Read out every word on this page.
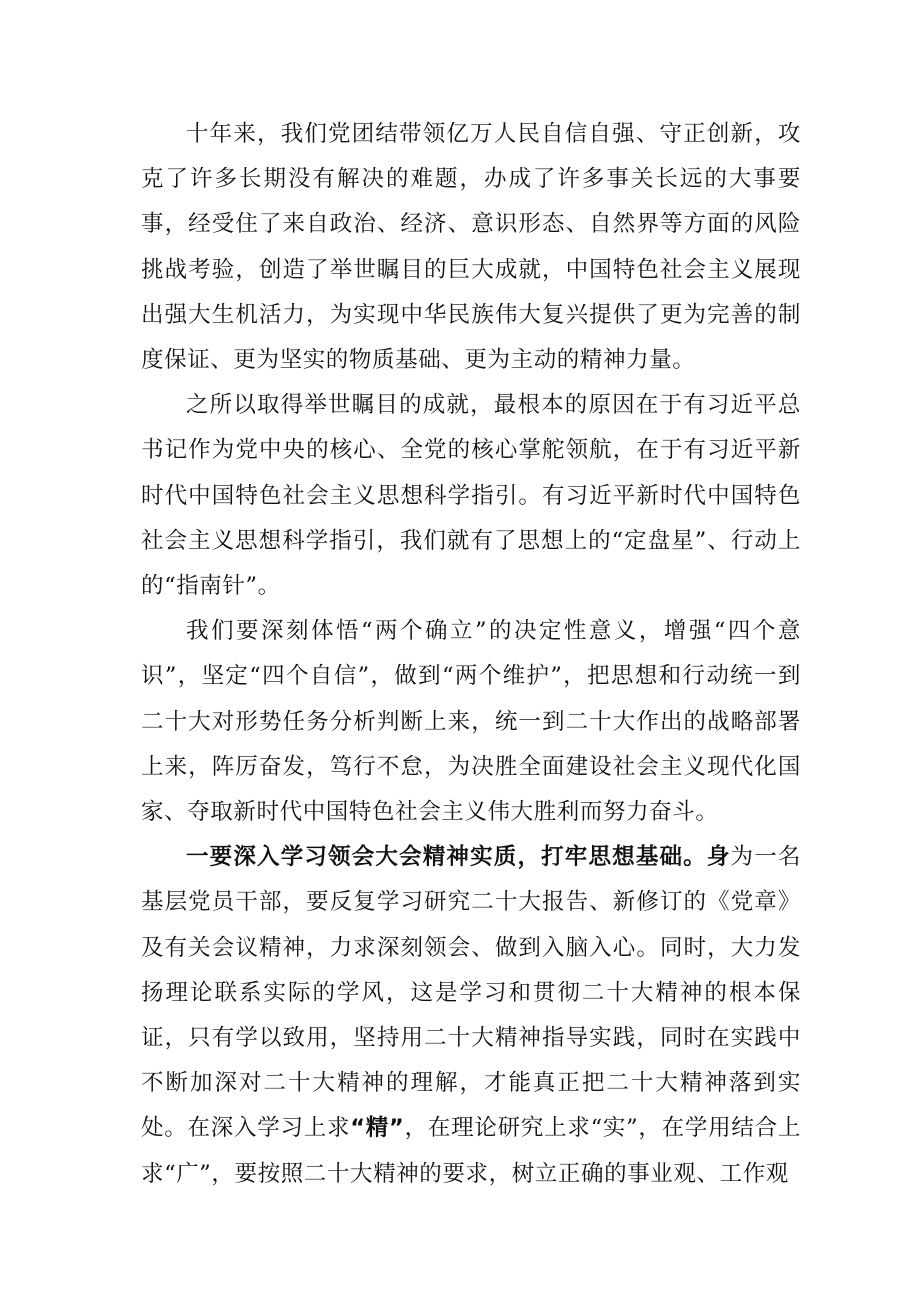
十年来，我们党团结带领亿万人民自信自强、守正创新，攻克了许多长期没有解决的难题，办成了许多事关长远的大事要事，经受住了来自政治、经济、意识形态、自然界等方面的风险挑战考验，创造了举世瞩目的巨大成就，中国特色社会主义展现出强大生机活力，为实现中华民族伟大复兴提供了更为完善的制度保证、更为坚实的物质基础、更为主动的精神力量。

之所以取得举世瞩目的成就，最根本的原因在于有习近平总书记作为党中央的核心、全党的核心掌舵领航，在于有习近平新时代中国特色社会主义思想科学指引。有习近平新时代中国特色社会主义思想科学指引，我们就有了思想上的“定盘星”、行动上的“指南针”。

我们要深刻体悟“两个确立”的决定性意义，增强“四个意识”，坚定“四个自信”，做到“两个维护”，把思想和行动统一到二十大对形势任务分析判断上来，统一到二十大作出的战略部署上来，阵厉奋发，笃行不怠，为决胜全面建设社会主义现代化国家、夺取新时代中国特色社会主义伟大胜利而努力奋斗。

一要深入学习领会大会精神实质，打牢思想基础。身为一名基层党员干部，要反复学习研究二十大报告、新修订的《党章》及有关会议精神，力求深刻领会、做到入脑入心。同时，大力发扬理论联系实际的学风，这是学习和贯彻二十大精神的根本保证，只有学以致用，坚持用二十大精神指导实践，同时在实践中不断加深对二十大精神的理解，才能真正把二十大精神落到实处。在深入学习上求“精”，在理论研究上求“实”，在学用结合上求“广”，要按照二十大精神的要求，树立正确的事业观、工作观
